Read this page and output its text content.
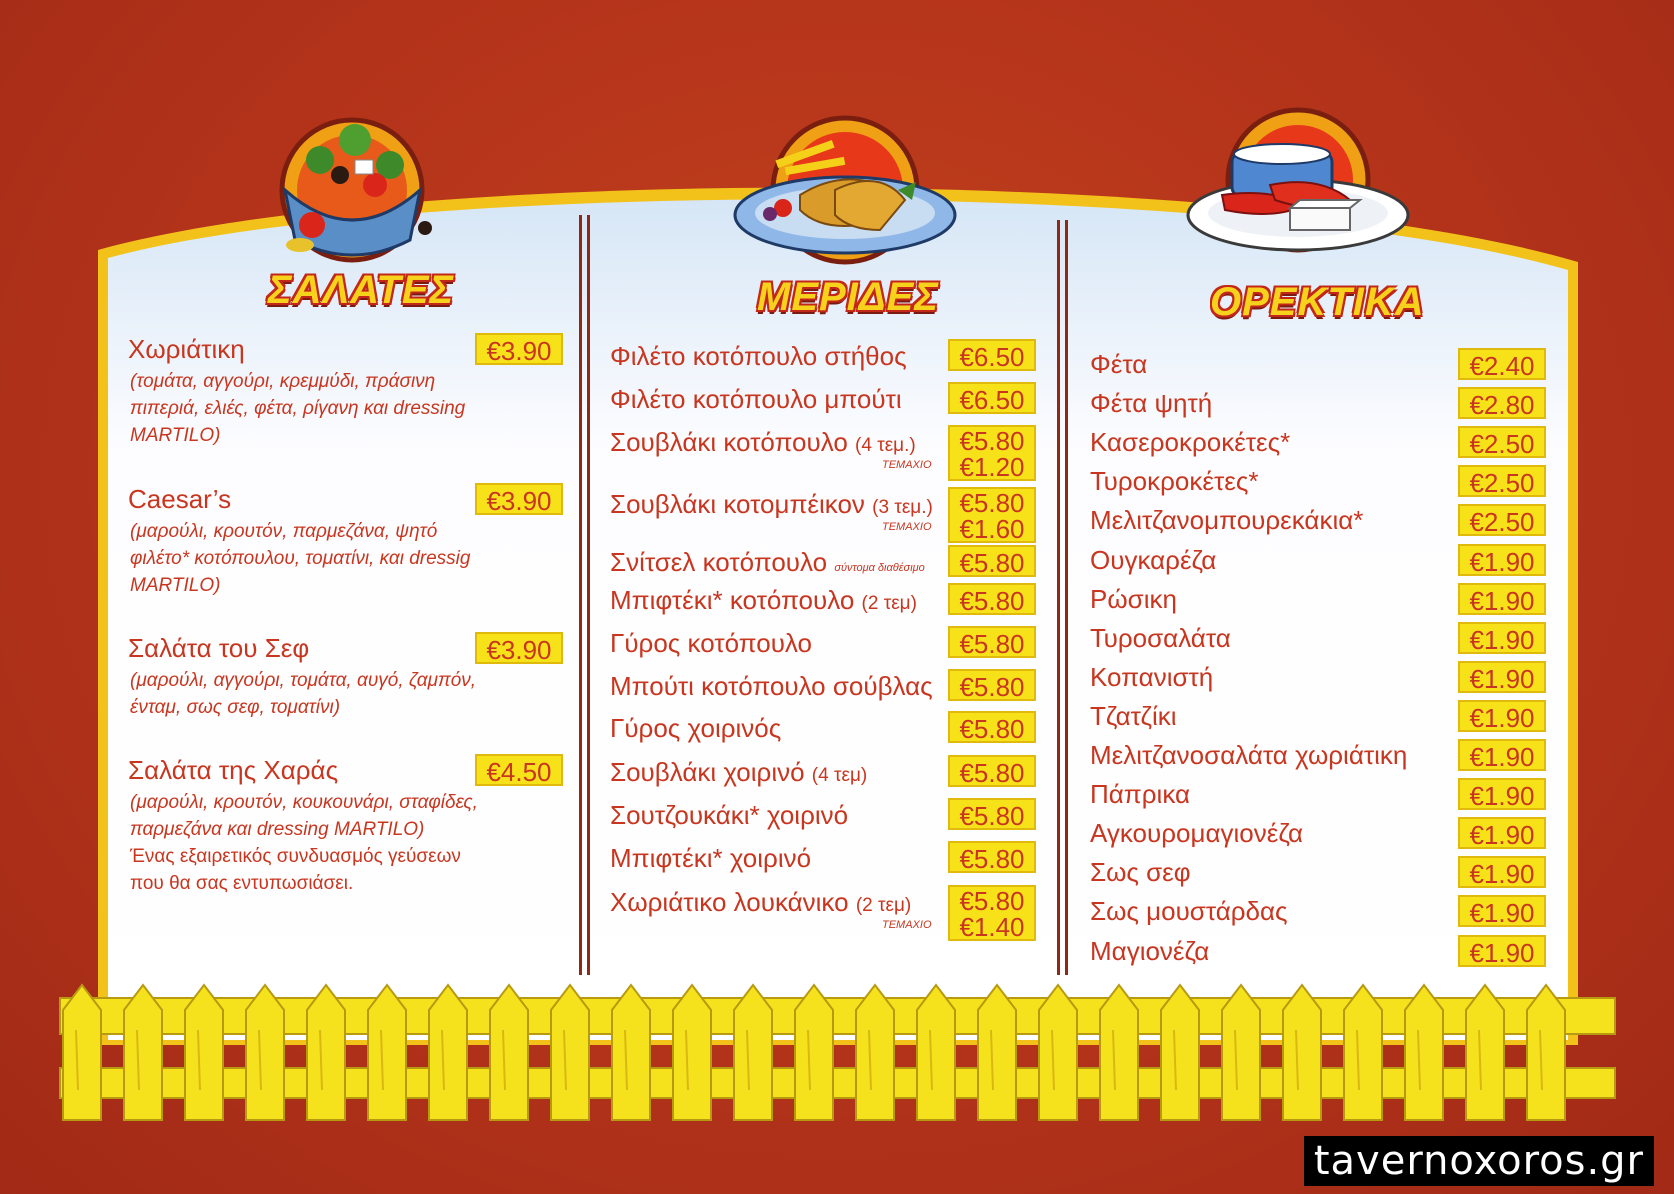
ΣΑΛΑΤΕΣ	ΜΕΡΙΔΕΣ	ΟΡΕΚΤΙΚΑ
Χωριάτικη	€3.90
(τομάτα, αγγούρι, κρεμμύδι, πράσινη
πιπεριά, ελιές, φέτα, ρίγανη και dressing
MARTILO)
Caesar’s	€3.90
(μαρούλι, κρουτόν, παρμεζάνα, ψητό
φιλέτο* κοτόπουλου, τοματίνι, και dressig
MARTILO)
Σαλάτα του Σεφ	€3.90
(μαρούλι, αγγούρι, τομάτα, αυγό, ζαμπόν,
ένταμ, σως σεφ, τοματίνι)
Σαλάτα της Χαράς	€4.50
(μαρούλι, κρουτόν, κουκουνάρι, σταφίδες,
παρμεζάνα και dressing MARTILO)
Ένας εξαιρετικός συνδυασμός γεύσεων
που θα σας εντυπωσιάσει.
Φιλέτο κοτόπουλο στήθος	€6.50
Φιλέτο κοτόπουλο μπούτι	€6.50
Σουβλάκι κοτόπουλο (4 τεμ.)	€5.80
€1.20
ΤΕΜΑΧΙΟ
Σουβλάκι κοτομπέικον (3 τεμ.)	€5.80
€1.60
ΤΕΜΑΧΙΟ
Σνίτσελ κοτόπουλο σύντομα διαθέσιμο	€5.80
Μπιφτέκι* κοτόπουλο (2 τεμ)	€5.80
Γύρος κοτόπουλο	€5.80
Μπούτι κοτόπουλο σούβλας	€5.80
Γύρος χοιρινός	€5.80
Σουβλάκι χοιρινό (4 τεμ)	€5.80
Σουτζουκάκι* χοιρινό	€5.80
Μπιφτέκι* χοιρινό	€5.80
Χωριάτικο λουκάνικο (2 τεμ)	€5.80
€1.40
ΤΕΜΑΧΙΟ
Φέτα	€2.40
Φέτα ψητή	€2.80
Κασεροκροκέτες*	€2.50
Τυροκροκέτες*	€2.50
Μελιτζανομπουρεκάκια*	€2.50
Ουγκαρέζα	€1.90
Ρώσικη	€1.90
Τυροσαλάτα	€1.90
Κοπανιστή	€1.90
Τζατζίκι	€1.90
Μελιτζανοσαλάτα χωριάτικη	€1.90
Πάπρικα	€1.90
Αγκουρομαγιονέζα	€1.90
Σως σεφ	€1.90
Σως μουστάρδας	€1.90
Μαγιονέζα	€1.90
tavernoxoros.gr
